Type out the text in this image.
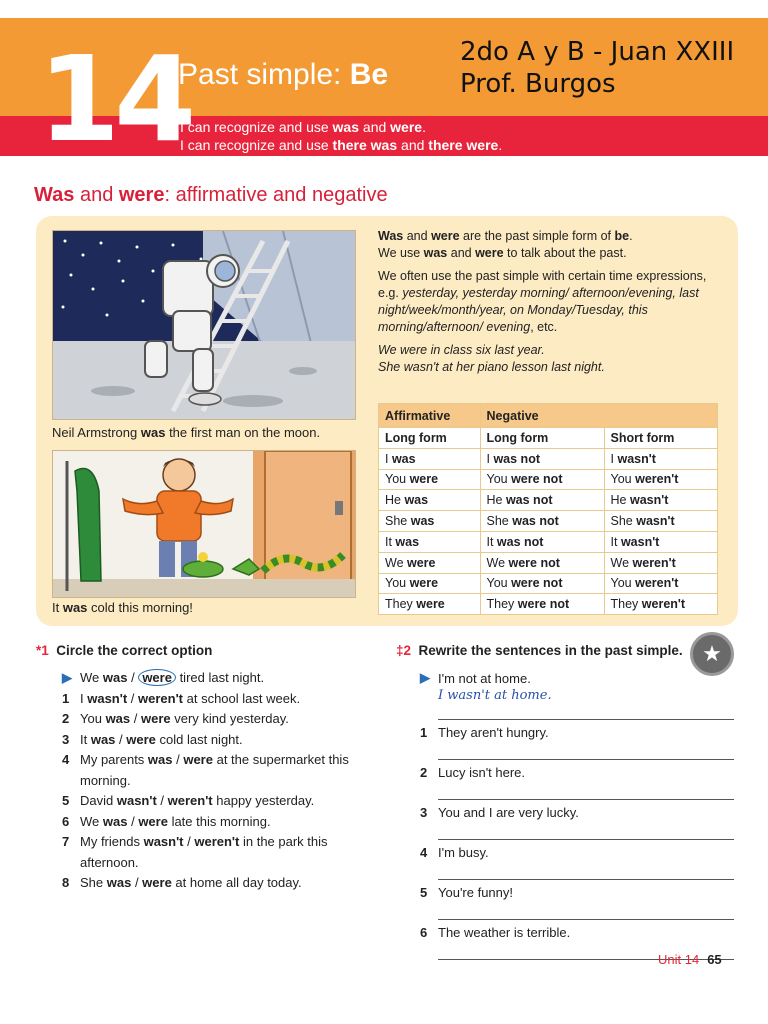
14
Past simple: Be
2do A y B - Juan XXIII
Prof. Burgos
I can recognize and use was and were.
I can recognize and use there was and there were.
Was and were: affirmative and negative
Neil Armstrong was the first man on the moon.
It was cold this morning!

Was and were are the past simple form of be.
We use was and were to talk about the past.

We often use the past simple with certain time expressions, e.g. yesterday, yesterday morning/ afternoon/evening, last night/week/month/year, on Monday/Tuesday, this morning/afternoon/ evening, etc.

We were in class six last year.
She wasn't at her piano lesson last night.

Affirmative	Negative	
Long form	Long form	Short form
I was	I was not	I wasn't
You were	You were not	You weren't
He was	He was not	He wasn't
She was	She was not	She wasn't
It was	It was not	It wasn't
We were	We were not	We weren't
You were	You were not	You weren't
They were	They were not	They weren't
*1 Circle the correct option
▶ We was / were tired last night.
1 I wasn't / weren't at school last week.
2 You was / were very kind yesterday.
3 It was / were cold last night.
4 My parents was / were at the supermarket this morning.
5 David wasn't / weren't happy yesterday.
6 We was / were late this morning.
7 My friends wasn't / weren't in the park this afternoon.
8 She was / were at home all day today.
‡2 Rewrite the sentences in the past simple. ★
▶ I'm not at home.
I wasn't at home.
1 They aren't hungry.
2 Lucy isn't here.
3 You and I are very lucky.
4 I'm busy.
5 You're funny!
6 The weather is terrible.
Unit 14 65
